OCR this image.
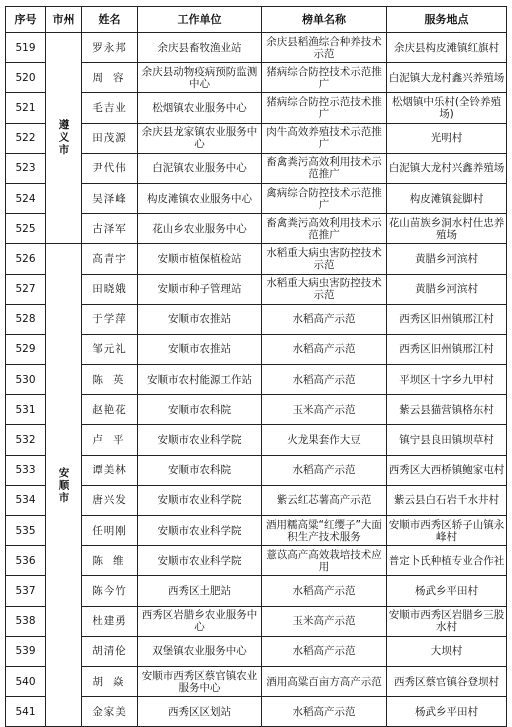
序号	市州	姓名	工作单位	榜单名称	服务地点
519	遵义市	罗永邦	余庆县畜牧渔业站	余庆县稻渔综合种养技术示范	余庆县构皮滩镇红旗村
520		周容	余庆县动物疫病预防监测中心	猪病综合防控技术示范推广	白泥镇大龙村鑫兴养殖场
521		毛吉业	松烟镇农业服务中心	猪病综合防控示范技术推广	松烟镇中乐村(全铃养殖场)
522		田茂源	余庆县龙家镇农业服务中心	肉牛高效养殖技术示范推广	光明村
523		尹代伟	白泥镇农业服务中心	畜禽粪污高效利用技术示范推广	白泥镇大龙村兴鑫养殖场
524		吴泽峰	构皮滩镇农业服务中心	禽病综合防控技术示范推广	构皮滩镇瓮脚村
525		古泽军	花山乡农业服务中心	畜禽粪污高效利用技术示范推广	花山苗族乡洞水村仕忠养殖场
526	安顺市	高青宇	安顺市植保植检站	水稻重大病虫害防控技术示范	黄腊乡河滨村
527		田晓娥	安顺市种子管理站	水稻重大病虫害防控技术示范	黄腊乡河滨村
528		于学萍	安顺市农推站	水稻高产示范	西秀区旧州镇邢江村
529		邹元礼	安顺市农推站	水稻高产示范	西秀区旧州镇邢江村
530		陈英	安顺市农村能源工作站	水稻高产示范	平坝区十字乡九甲村
531		赵艳花	安顺市农科院	玉米高产示范	紫云县猫营镇格东村
532		卢平	安顺市农业科学院	火龙果套作大豆	镇宁县良田镇坝草村
533		谭美林	安顺市农科院	水稻高产示范	西秀区大西桥镇鲍家屯村
534		唐兴发	安顺市农业科学院	紫云红芯薯高产示范	紫云县白石岩千水井村
535		任明刚	安顺市农业科学院	酒用糯高粱“红缨子”大面积生产技术服务	安顺市西秀区轿子山镇永峰村
536		陈维	安顺市农业科学院	薏苡高产高效栽培技术应用	普定卜氏种植专业合作社
537		陈今竹	西秀区土肥站	水稻高产示范	杨武乡平田村
538		杜建勇	西秀区岩腊乡农业服务中心	玉米高产示范	安顺市西秀区岩腊乡三股水村
539		胡清伦	双堡镇农业服务中心	水稻高产示范	大坝村
540		胡焱	安顺市西秀区蔡官镇农业服务中心	酒用高粱百亩方高产示范	西秀区蔡官镇谷登坝村
541		金家美	西秀区区划站	水稻高产示范	杨武乡平田村
